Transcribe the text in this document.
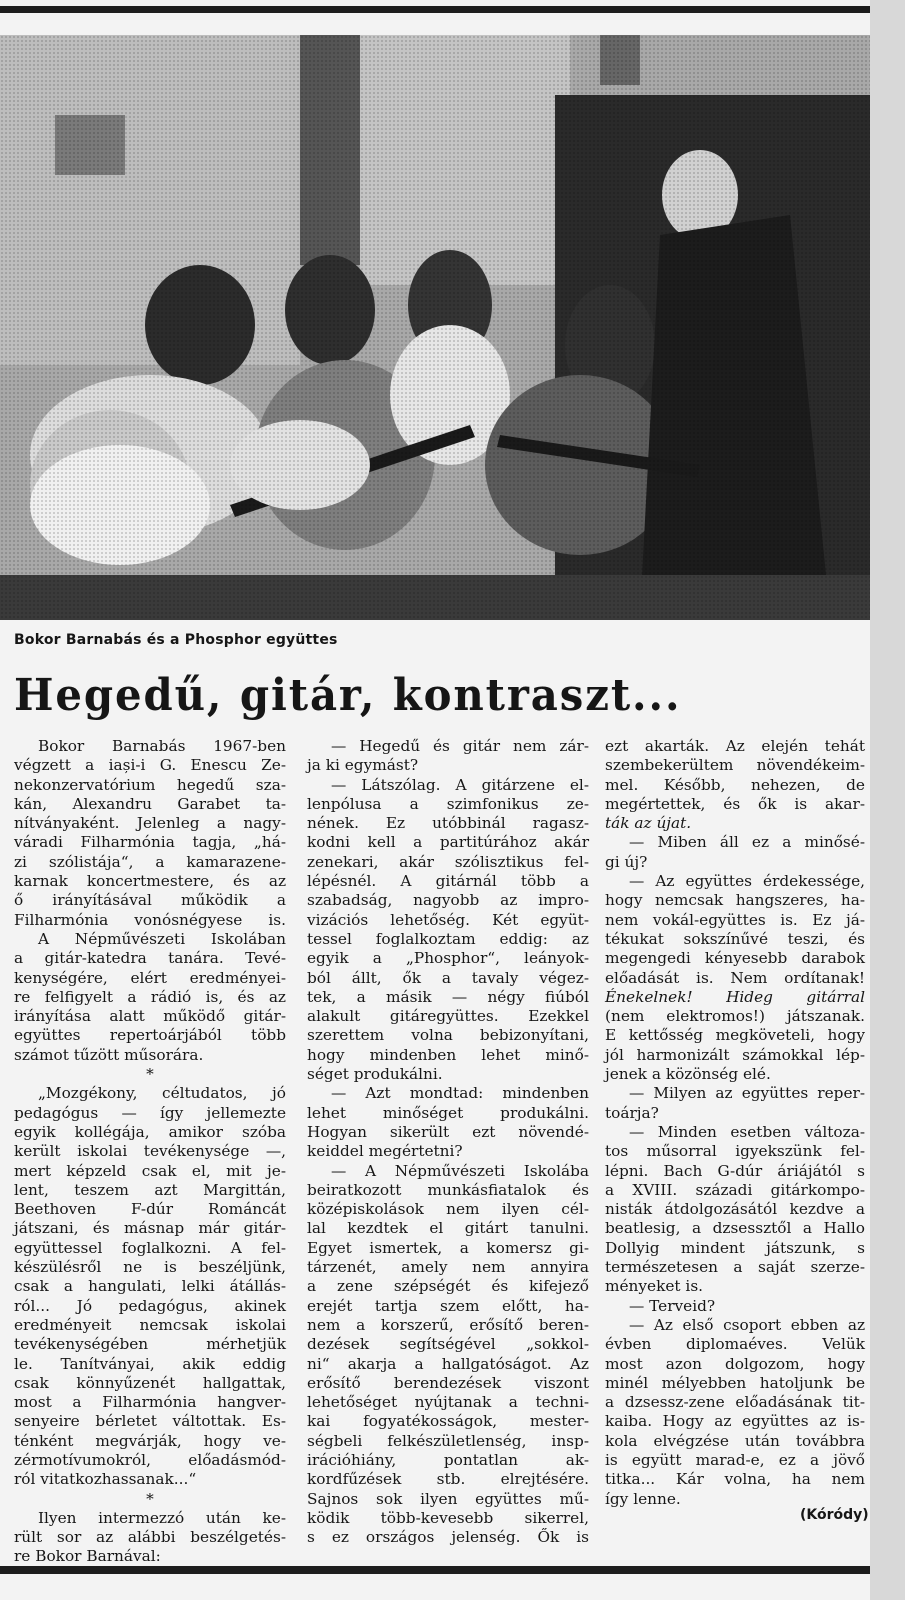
Bokor Barnabás és a Phosphor együttes
Hegedű, gitár, kontraszt...
Bokor Barnabás 1967-ben
végzett a iași-i G. Enescu Ze-
nekonzervatórium hegedű sza-
kán, Alexandru Garabet ta-
nítványaként. Jelenleg a nagy-
váradi Filharmónia tagja, „há-
zi szólistája“, a kamarazene-
karnak koncertmestere, és az
ő irányításával működik a
Filharmónia vonósnégyese is.
A Népművészeti Iskolában
a gitár-katedra tanára. Tevé-
kenységére, elért eredményei-
re felfigyelt a rádió is, és az
irányítása alatt működő gitár-
együttes repertoárjából több
számot tűzött műsorára.
*
„Mozgékony, céltudatos, jó
pedagógus — így jellemezte
egyik kollégája, amikor szóba
került iskolai tevékenysége —,
mert képzeld csak el, mit je-
lent, teszem azt Margittán,
Beethoven F-dúr Románcát
játszani, és másnap már gitár-
együttessel foglalkozni. A fel-
készülésről ne is beszéljünk,
csak a hangulati, lelki átállás-
ról... Jó pedagógus, akinek
eredményeit nemcsak iskolai
tevékenységében mérhetjük
le. Tanítványai, akik eddig
csak könnyűzenét hallgattak,
most a Filharmónia hangver-
senyeire bérletet váltottak. Es-
ténként megvárják, hogy ve-
zérmotívumokról, előadásmód-
ról vitatkozhassanak...“
*
Ilyen intermezzó után ke-
rült sor az alábbi beszélgetés-
re Bokor Barnával:
— Hegedű és gitár nem zár-
ja ki egymást?
— Látszólag. A gitárzene el-
lenpólusa a szimfonikus ze-
nének. Ez utóbbinál ragasz-
kodni kell a partitúrához akár
zenekari, akár szólisztikus fel-
lépésnél. A gitárnál több a
szabadság, nagyobb az impro-
vizációs lehetőség. Két együt-
tessel foglalkoztam eddig: az
egyik a „Phosphor“, leányok-
ból állt, ők a tavaly végez-
tek, a másik — négy fiúból
alakult gitáregyüttes. Ezekkel
szerettem volna bebizonyítani,
hogy mindenben lehet minő-
séget produkálni.
— Azt mondtad: mindenben
lehet minőséget produkálni.
Hogyan sikerült ezt növendé-
keiddel megértetni?
— A Népművészeti Iskolába
beiratkozott munkásfiatalok és
középiskolások nem ilyen cél-
lal kezdtek el gitárt tanulni.
Egyet ismertek, a komersz gi-
tárzenét, amely nem annyira
a zene szépségét és kifejező
erejét tartja szem előtt, ha-
nem a korszerű, erősítő beren-
dezések segítségével „sokkol-
ni“ akarja a hallgatóságot. Az
erősítő berendezések viszont
lehetőséget nyújtanak a techni-
kai fogyatékosságok, mester-
ségbeli felkészületlenség, insp-
irációhiány, pontatlan ak-
kordfűzések stb. elrejtésére.
Sajnos sok ilyen együttes mű-
ködik több-kevesebb sikerrel,
s ez országos jelenség. Ők is
ezt akarták. Az elején tehát
szembekerültem növendékeim-
mel. Később, nehezen, de
megértettek, és ők is akar-
ták az újat.
— Miben áll ez a minősé-
gi új?
— Az együttes érdekessége,
hogy nemcsak hangszeres, ha-
nem vokál-együttes is. Ez já-
tékukat sokszínűvé teszi, és
megengedi kényesebb darabok
előadását is. Nem ordítanak!
Énekelnek! Hideg gitárral
(nem elektromos!) játszanak.
E kettősség megköveteli, hogy
jól harmonizált számokkal lép-
jenek a közönség elé.
— Milyen az együttes reper-
toárja?
— Minden esetben változa-
tos műsorral igyekszünk fel-
lépni. Bach G-dúr áriájától s
a XVIII. századi gitárkompo-
nisták átdolgozásától kezdve a
beatlesig, a dzsessztől a Hallo
Dollyig mindent játszunk, s
természetesen a saját szerze-
ményeket is.
— Terveid?
— Az első csoport ebben az
évben diplomaéves. Velük
most azon dolgozom, hogy
minél mélyebben hatoljunk be
a dzsessz-zene előadásának tit-
kaiba. Hogy az együttes az is-
kola elvégzése után továbbra
is együtt marad-e, ez a jövő
titka... Kár volna, ha nem
így lenne.
(Kóródy)
